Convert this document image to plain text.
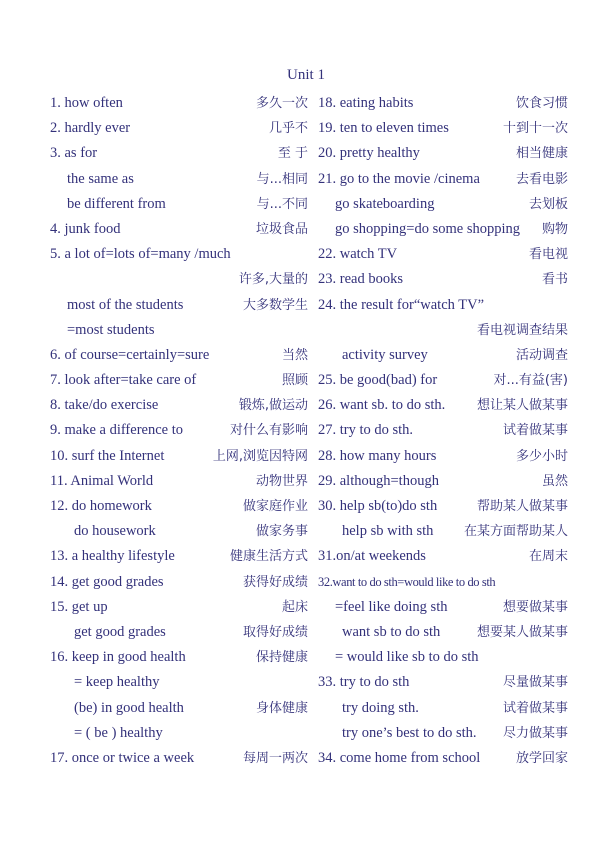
Unit 1
1. how often	多久一次
2. hardly ever	几乎不
3. as for	至 于
the same as	与...相同
be different from	与...不同
4. junk food	垃圾食品
5. a lot of=lots of=many /much
许多,大量的
most of the students	大多数学生
=most students
6. of course=certainly=sure	当然
7. look after=take care of	照顾
8. take/do exercise	锻炼,做运动
9. make a difference to	对什么有影响
10. surf the Internet	上网,浏览因特网
11. Animal World	动物世界
12. do homework	做家庭作业
do housework	做家务事
13. a healthy lifestyle	健康生活方式
14. get good grades	获得好成绩
15. get up	起床
get good grades	取得好成绩
16. keep in good health	保持健康
= keep healthy
(be) in good health	身体健康
= ( be ) healthy
17. once or twice a week	每周一两次
18. eating habits	饮食习惯
19. ten to eleven times	十到十一次
20. pretty healthy	相当健康
21. go to the movie /cinema	去看电影
go skateboarding	去划板
go shopping=do some shopping 购物
22. watch TV	看电视
23. read books	看书
24. the result for“watch TV”
看电视调查结果
activity survey	活动调查
25. be good(bad) for	对...有益(害)
26. want sb. to do sth. 想让某人做某事
27. try to do sth.	试着做某事
28. how many hours	多少小时
29. although=though	虽然
30. help sb(to)do sth	帮助某人做某事
help sb with sth 在某方面帮助某人
31.on/at weekends	在周末
32.want to do sth=would like to do sth
=feel like doing sth	想要做某事
want sb to do sth	想要某人做某事
= would like sb to do sth
33. try to do sth	尽量做某事
try doing sth.	试着做某事
try one’s best to do sth. 尽力做某事
34. come home from school	放学回家
